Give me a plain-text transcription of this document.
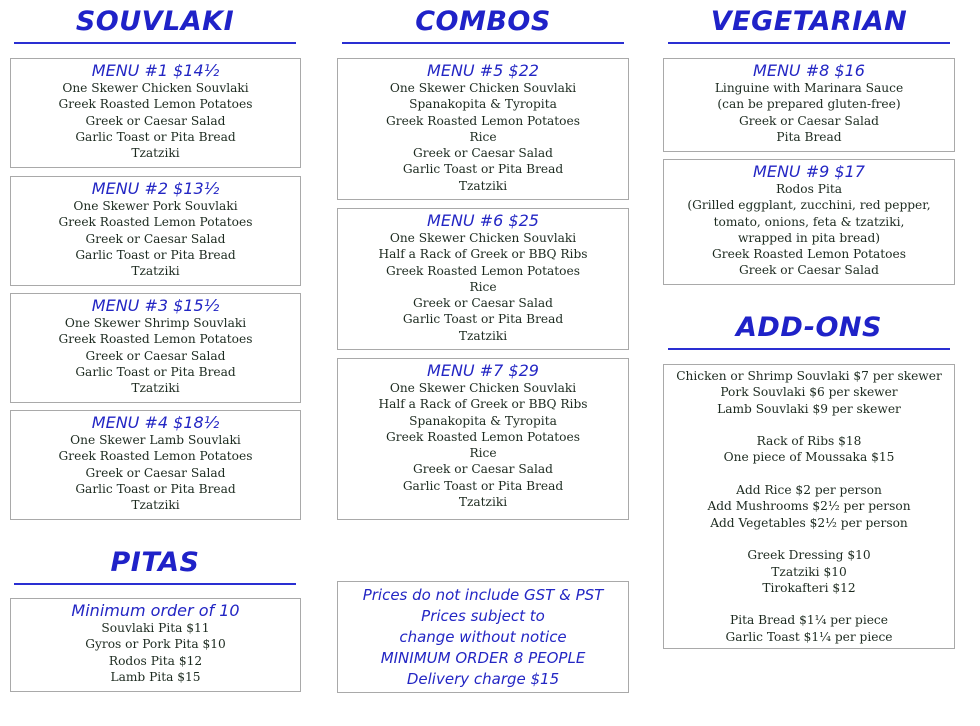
SOUVLAKI	COMBOS	VEGETARIAN
PITAS
ADD-ONS
MENU #1 $14½
One Skewer Chicken Souvlaki
Greek Roasted Lemon Potatoes
Greek or Caesar Salad
Garlic Toast or Pita Bread
Tzatziki
MENU #2 $13½
One Skewer Pork Souvlaki
Greek Roasted Lemon Potatoes
Greek or Caesar Salad
Garlic Toast or Pita Bread
Tzatziki
MENU #3 $15½
One Skewer Shrimp Souvlaki
Greek Roasted Lemon Potatoes
Greek or Caesar Salad
Garlic Toast or Pita Bread
Tzatziki
MENU #4 $18½
One Skewer Lamb Souvlaki
Greek Roasted Lemon Potatoes
Greek or Caesar Salad
Garlic Toast or Pita Bread
Tzatziki
MENU #5 $22
One Skewer Chicken Souvlaki
Spanakopita & Tyropita
Greek Roasted Lemon Potatoes
Rice
Greek or Caesar Salad
Garlic Toast or Pita Bread
Tzatziki
MENU #6 $25
One Skewer Chicken Souvlaki
Half a Rack of Greek or BBQ Ribs
Greek Roasted Lemon Potatoes
Rice
Greek or Caesar Salad
Garlic Toast or Pita Bread
Tzatziki
MENU #7 $29
One Skewer Chicken Souvlaki
Half a Rack of Greek or BBQ Ribs
Spanakopita & Tyropita
Greek Roasted Lemon Potatoes
Rice
Greek or Caesar Salad
Garlic Toast or Pita Bread
Tzatziki
MENU #8 $16
Linguine with Marinara Sauce
(can be prepared gluten-free)
Greek or Caesar Salad
Pita Bread
MENU #9 $17
Rodos Pita
(Grilled eggplant, zucchini, red pepper,
tomato, onions, feta & tzatziki,
wrapped in pita bread)
Greek Roasted Lemon Potatoes
Greek or Caesar Salad
Minimum order of 10
Souvlaki Pita $11
Gyros or Pork Pita $10
Rodos Pita $12
Lamb Pita $15
Prices do not include GST & PST
Prices subject to
change without notice
MINIMUM ORDER 8 PEOPLE
Delivery charge $15
Chicken or Shrimp Souvlaki $7 per skewer
Pork Souvlaki $6 per skewer
Lamb Souvlaki $9 per skewer
Rack of Ribs $18
One piece of Moussaka $15
Add Rice $2 per person
Add Mushrooms $2½ per person
Add Vegetables $2½ per person
Greek Dressing $10
Tzatziki $10
Tirokafteri $12
Pita Bread $1¼ per piece
Garlic Toast $1¼ per piece
